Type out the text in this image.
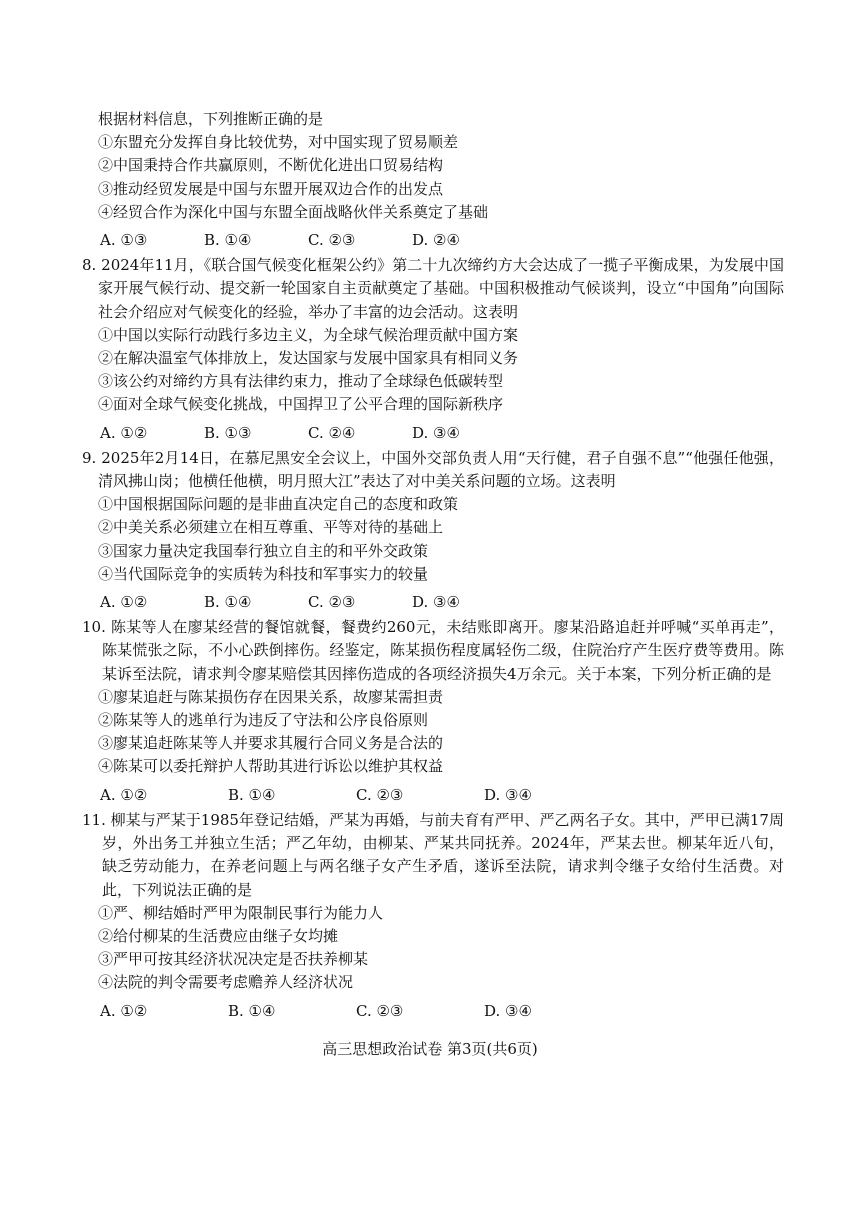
根据材料信息，下列推断正确的是
①东盟充分发挥自身比较优势，对中国实现了贸易顺差
②中国秉持合作共赢原则，不断优化进出口贸易结构
③推动经贸发展是中国与东盟开展双边合作的出发点
④经贸合作为深化中国与东盟全面战略伙伴关系奠定了基础
A. ①③	B. ①④	C. ②③	D. ②④
8. 2024年11月，《联合国气候变化框架公约》第二十九次缔约方大会达成了一揽子平衡成果，为发展中国家开展气候行动、提交新一轮国家自主贡献奠定了基础。中国积极推动气候谈判，设立“中国角”向国际社会介绍应对气候变化的经验，举办了丰富的边会活动。这表明
①中国以实际行动践行多边主义，为全球气候治理贡献中国方案
②在解决温室气体排放上，发达国家与发展中国家具有相同义务
③该公约对缔约方具有法律约束力，推动了全球绿色低碳转型
④面对全球气候变化挑战，中国捍卫了公平合理的国际新秩序
A. ①②	B. ①③	C. ②④	D. ③④
9. 2025年2月14日，在慕尼黑安全会议上，中国外交部负责人用“天行健，君子自强不息”“他强任他强，清风拂山岗；他横任他横，明月照大江”表达了对中美关系问题的立场。这表明
①中国根据国际问题的是非曲直决定自己的态度和政策
②中美关系必须建立在相互尊重、平等对待的基础上
③国家力量决定我国奉行独立自主的和平外交政策
④当代国际竞争的实质转为科技和军事实力的较量
A. ①②	B. ①④	C. ②③	D. ③④
10. 陈某等人在廖某经营的餐馆就餐，餐费约260元，未结账即离开。廖某沿路追赶并呼喊“买单再走”，陈某慌张之际，不小心跌倒摔伤。经鉴定，陈某损伤程度属轻伤二级，住院治疗产生医疗费等费用。陈某诉至法院，请求判令廖某赔偿其因摔伤造成的各项经济损失4万余元。关于本案，下列分析正确的是
①廖某追赶与陈某损伤存在因果关系，故廖某需担责
②陈某等人的逃单行为违反了守法和公序良俗原则
③廖某追赶陈某等人并要求其履行合同义务是合法的
④陈某可以委托辩护人帮助其进行诉讼以维护其权益
A. ①②	B. ①④	C. ②③	D. ③④
11. 柳某与严某于1985年登记结婚，严某为再婚，与前夫育有严甲、严乙两名子女。其中，严甲已满17周岁，外出务工并独立生活；严乙年幼，由柳某、严某共同抚养。2024年，严某去世。柳某年近八旬，缺乏劳动能力，在养老问题上与两名继子女产生矛盾，遂诉至法院，请求判令继子女给付生活费。对此，下列说法正确的是
①严、柳结婚时严甲为限制民事行为能力人
②给付柳某的生活费应由继子女均摊
③严甲可按其经济状况决定是否扶养柳某
④法院的判令需要考虑赡养人经济状况
A. ①②	B. ①④	C. ②③	D. ③④
高三思想政治试卷 第3页(共6页)
